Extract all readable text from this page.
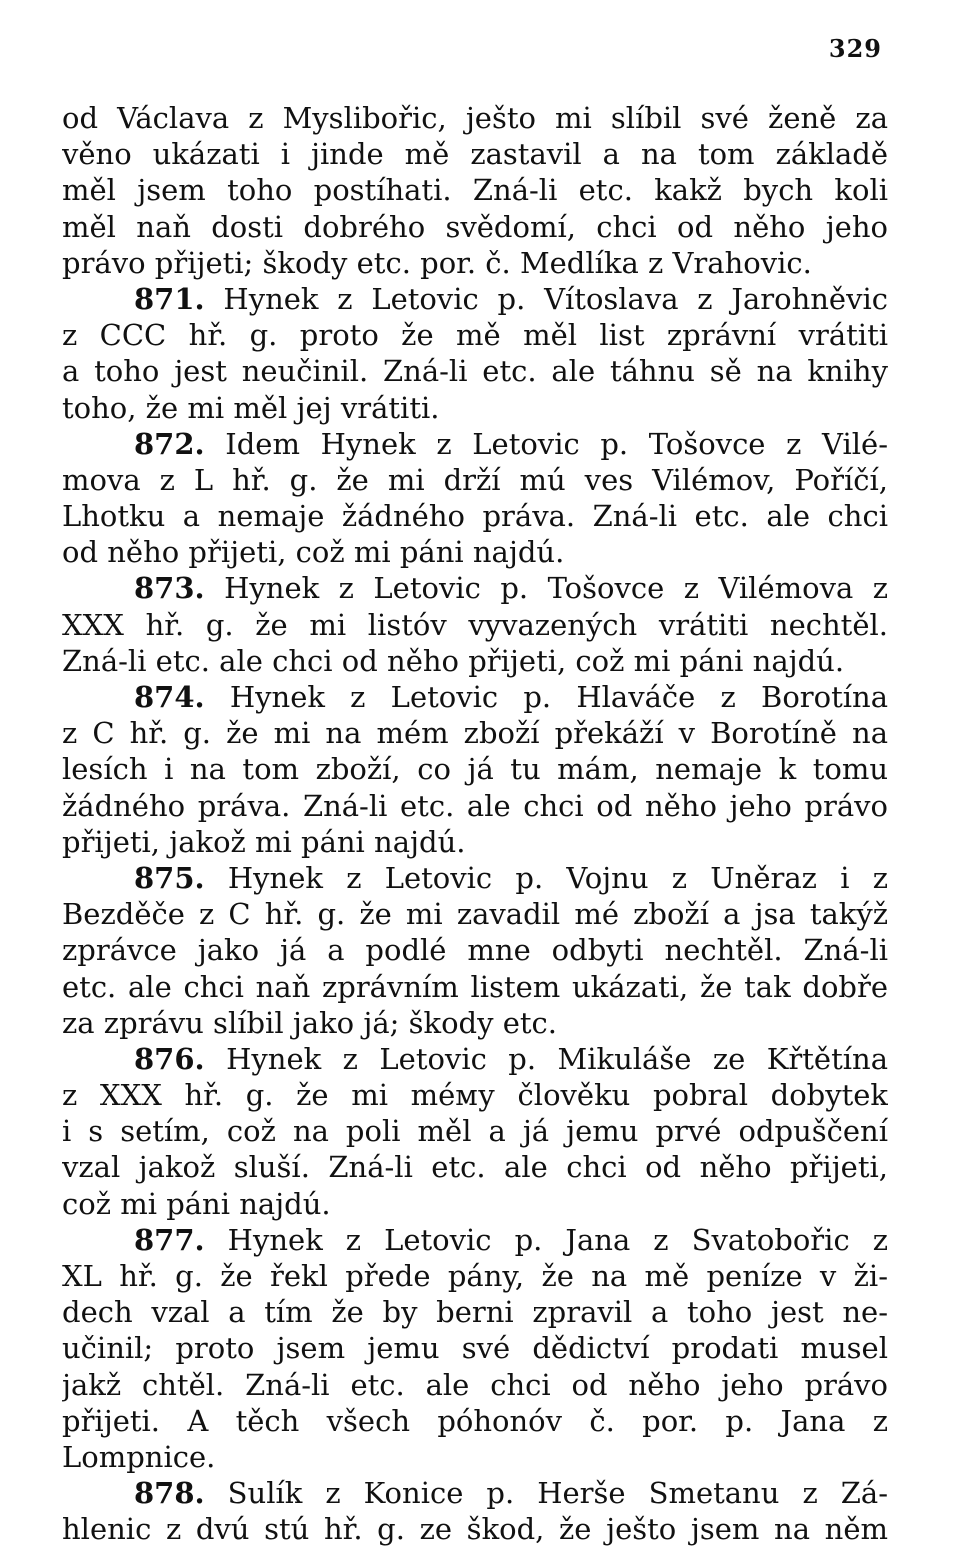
329
od Václava z Myslibořic, ješto mi slíbil své ženě za
věno ukázati i jinde mě zastavil a na tom základě
měl jsem toho postíhati. Zná-li etc. kakž bych koli
měl naň dosti dobrého svědomí, chci od něho jeho
právo přijeti; škody etc. por. č. Medlíka z Vrahovic.
871. Hynek z Letovic p. Vítoslava z Jarohněvic
z CCC hř. g. proto že mě měl list zprávní vrátiti
a toho jest neučinil. Zná-li etc. ale táhnu sě na knihy
toho, že mi měl jej vrátiti.
872. Idem Hynek z Letovic p. Tošovce z Vilé-
mova z L hř. g. že mi drží mú ves Vilémov, Poříčí,
Lhotku a nemaje žádného práva. Zná-li etc. ale chci
od něho přijeti, což mi páni najdú.
873. Hynek z Letovic p. Tošovce z Vilémova z
XXX hř. g. že mi listóv vyvazených vrátiti nechtěl.
Zná-li etc. ale chci od něho přijeti, což mi páni najdú.
874. Hynek z Letovic p. Hlaváče z Borotína
z C hř. g. že mi na mém zboží překáží v Borotíně na
lesích i na tom zboží, co já tu mám, nemaje k tomu
žádného práva. Zná-li etc. ale chci od něho jeho právo
přijeti, jakož mi páni najdú.
875. Hynek z Letovic p. Vojnu z Uněraz i z
Bezděče z C hř. g. že mi zavadil mé zboží a jsa takýž
zprávce jako já a podlé mne odbyti nechtěl. Zná-li
etc. ale chci naň zprávním listem ukázati, že tak dobře
za zprávu slíbil jako já; škody etc.
876. Hynek z Letovic p. Mikuláše ze Křtětína
z XXX hř. g. že mi méму člověku pobral dobytek
i s setím, což na poli měl a já jemu prvé odpuščení
vzal jakož sluší. Zná-li etc. ale chci od něho přijeti,
což mi páni najdú.
877. Hynek z Letovic p. Jana z Svatobořic z
XL hř. g. že řekl přede pány, že na mě peníze v ži-
dech vzal a tím že by berni zpravil a toho jest ne-
učinil; proto jsem jemu své dědictví prodati musel
jakž chtěl. Zná-li etc. ale chci od něho jeho právo
přijeti. A těch všech póhonóv č. por. p. Jana z
Lompnice.
878. Sulík z Konice p. Herše Smetanu z Zá-
hlenic z dvú stú hř. g. ze škod, že ješto jsem na něm
